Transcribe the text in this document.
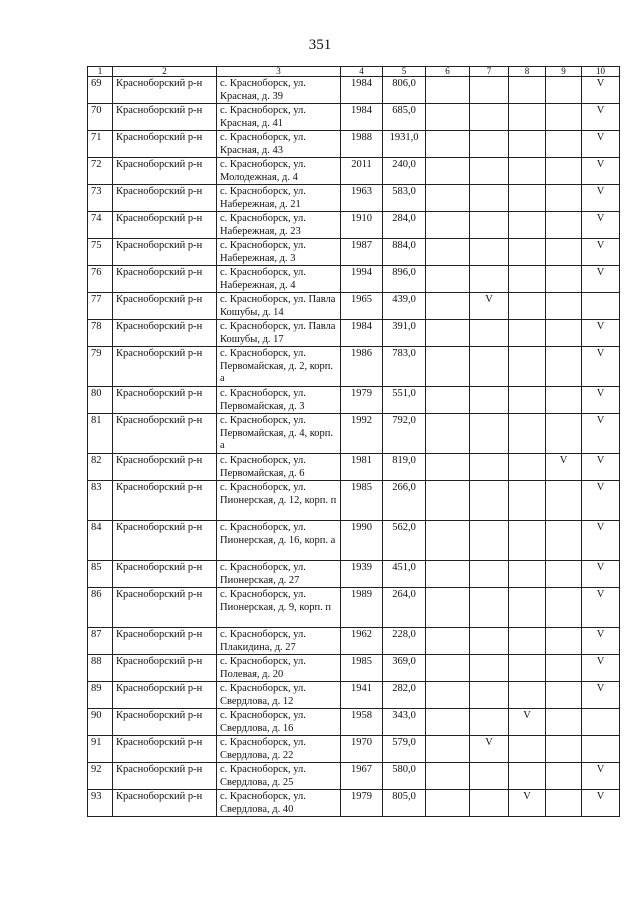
351
1	2	3	4	5	6	7	8	9	10
69	Красноборский р-н	с. Красноборск, ул. Красная, д. 39	1984	806,0					V
70	Красноборский р-н	с. Красноборск, ул. Красная, д. 41	1984	685,0					V
71	Красноборский р-н	с. Красноборск, ул. Красная, д. 43	1988	1931,0					V
72	Красноборский р-н	с. Красноборск, ул. Молодежная, д. 4	2011	240,0					V
73	Красноборский р-н	с. Красноборск, ул. Набережная, д. 21	1963	583,0					V
74	Красноборский р-н	с. Красноборск, ул. Набережная, д. 23	1910	284,0					V
75	Красноборский р-н	с. Красноборск, ул. Набережная, д. 3	1987	884,0					V
76	Красноборский р-н	с. Красноборск, ул. Набережная, д. 4	1994	896,0					V
77	Красноборский р-н	с. Красноборск, ул. Павла Кошубы, д. 14	1965	439,0		V			
78	Красноборский р-н	с. Красноборск, ул. Павла Кошубы, д. 17	1984	391,0					V
79	Красноборский р-н	с. Красноборск, ул. Первомайская, д. 2, корп. а	1986	783,0					V
80	Красноборский р-н	с. Красноборск, ул. Первомайская, д. 3	1979	551,0					V
81	Красноборский р-н	с. Красноборск, ул. Первомайская, д. 4, корп. а	1992	792,0					V
82	Красноборский р-н	с. Красноборск, ул. Первомайская, д. 6	1981	819,0				V	V
83	Красноборский р-н	с. Красноборск, ул. Пионерская, д. 12, корп. п	1985	266,0					V
84	Красноборский р-н	с. Красноборск, ул. Пионерская, д. 16, корп. а	1990	562,0					V
85	Красноборский р-н	с. Красноборск, ул. Пионерская, д. 27	1939	451,0					V
86	Красноборский р-н	с. Красноборск, ул. Пионерская, д. 9, корп. п	1989	264,0					V
87	Красноборский р-н	с. Красноборск, ул. Плакидина, д. 27	1962	228,0					V
88	Красноборский р-н	с. Красноборск, ул. Полевая, д. 20	1985	369,0					V
89	Красноборский р-н	с. Красноборск, ул. Свердлова, д. 12	1941	282,0					V
90	Красноборский р-н	с. Красноборск, ул. Свердлова, д. 16	1958	343,0			V		
91	Красноборский р-н	с. Красноборск, ул. Свердлова, д. 22	1970	579,0		V			
92	Красноборский р-н	с. Красноборск, ул. Свердлова, д. 25	1967	580,0					V
93	Красноборский р-н	с. Красноборск, ул. Свердлова, д. 40	1979	805,0			V		V
